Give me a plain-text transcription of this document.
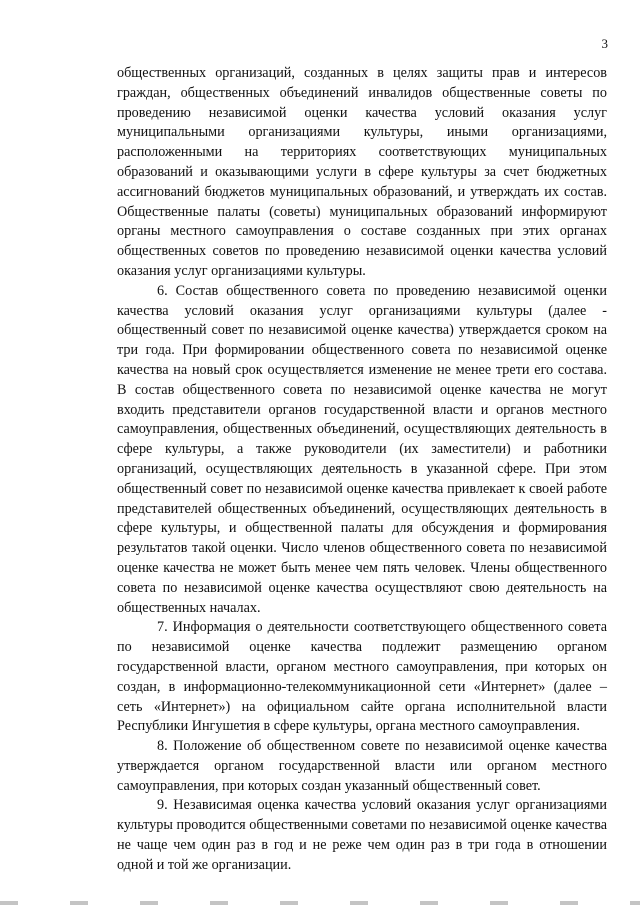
3

общественных организаций, созданных в целях защиты прав и интересов граждан, общественных объединений инвалидов общественные советы по проведению независимой оценки качества условий оказания услуг муниципальными организациями культуры, иными организациями, расположенными на территориях соответствующих муниципальных образований и оказывающими услуги в сфере культуры за счет бюджетных ассигнований бюджетов муниципальных образований, и утверждать их состав. Общественные палаты (советы) муниципальных образований информируют органы местного самоуправления о составе созданных при этих органах общественных советов по проведению независимой оценки качества условий оказания услуг организациями культуры.

6. Состав общественного совета по проведению независимой оценки качества условий оказания услуг организациями культуры (далее - общественный совет по независимой оценке качества) утверждается сроком на три года. При формировании общественного совета по независимой оценке качества на новый срок осуществляется изменение не менее трети его состава. В состав общественного совета по независимой оценке качества не могут входить представители органов государственной власти и органов местного самоуправления, общественных объединений, осуществляющих деятельность в сфере культуры, а также руководители (их заместители) и работники организаций, осуществляющих деятельность в указанной сфере. При этом общественный совет по независимой оценке качества привлекает к своей работе представителей общественных объединений, осуществляющих деятельность в сфере культуры, и общественной палаты для обсуждения и формирования результатов такой оценки. Число членов общественного совета по независимой оценке качества не может быть менее чем пять человек. Члены общественного совета по независимой оценке качества осуществляют свою деятельность на общественных началах.

7. Информация о деятельности соответствующего общественного совета по независимой оценке качества подлежит размещению органом государственной власти, органом местного самоуправления, при которых он создан, в информационно-телекоммуникационной сети «Интернет» (далее – сеть «Интернет») на официальном сайте органа исполнительной власти Республики Ингушетия в сфере культуры, органа местного самоуправления.

8. Положение об общественном совете по независимой оценке качества утверждается органом государственной власти или органом местного самоуправления, при которых создан указанный общественный совет.

9. Независимая оценка качества условий оказания услуг организациями культуры проводится общественными советами по независимой оценке качества не чаще чем один раз в год и не реже чем один раз в три года в отношении одной и той же организации.
